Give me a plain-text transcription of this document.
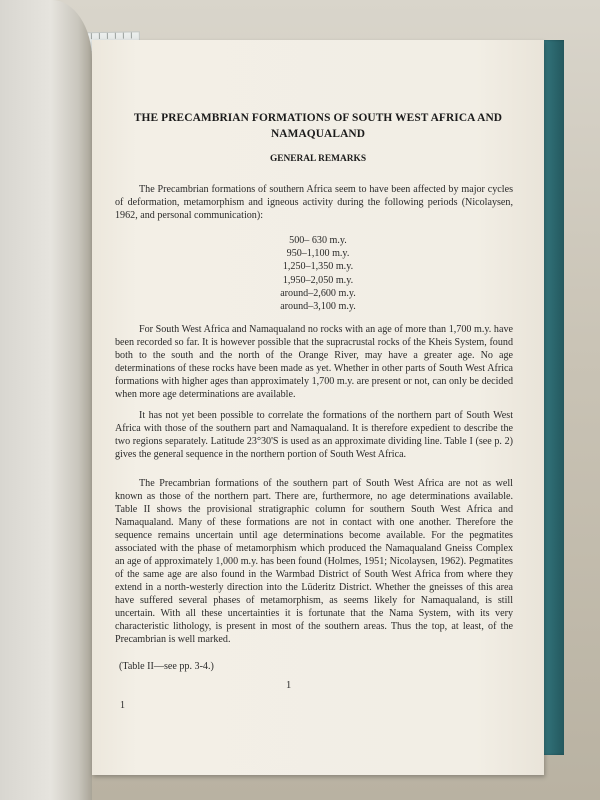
THE PRECAMBRIAN FORMATIONS OF SOUTH WEST AFRICA AND NAMAQUALAND
GENERAL REMARKS

The Precambrian formations of southern Africa seem to have been affected by major cycles of deformation, metamorphism and igneous activity during the following periods (Nicolaysen, 1962, and personal communication):

500– 630 m.y.
950–1,100 m.y.
1,250–1,350 m.y.
1,950–2,050 m.y.
around–2,600 m.y.
around–3,100 m.y.

For South West Africa and Namaqualand no rocks with an age of more than 1,700 m.y. have been recorded so far. It is however possible that the supracrustal rocks of the Kheis System, found both to the south and the north of the Orange River, may have a greater age. No age determinations of these rocks have been made as yet. Whether in other parts of South West Africa formations with higher ages than approximately 1,700 m.y. are present or not, can only be decided when more age determinations are available.

It has not yet been possible to correlate the formations of the northern part of South West Africa with those of the southern part and Namaqualand. It is therefore expedient to describe the two regions separately. Latitude 23°30'S is used as an approximate dividing line. Table I (see p. 2) gives the general sequence in the northern portion of South West Africa.

The Precambrian formations of the southern part of South West Africa are not as well known as those of the northern part. There are, furthermore, no age determinations available. Table II shows the provisional stratigraphic column for southern South West Africa and Namaqualand. Many of these formations are not in contact with one another. Therefore the sequence remains uncertain until age determinations become available. For the pegmatites associated with the phase of metamorphism which produced the Namaqualand Gneiss Complex an age of approximately 1,000 m.y. has been found (Holmes, 1951; Nicolaysen, 1962). Pegmatites of the same age are also found in the Warmbad District of South West Africa from where they extend in a north-westerly direction into the Lüderitz District. Whether the gneisses of this area have suffered several phases of metamorphism, as seems likely for Namaqualand, is still uncertain. With all these uncertainties it is fortunate that the Nama System, with its very characteristic lithology, is present in most of the southern areas. Thus the top, at least, of the Precambrian is well marked.

(Table II—see pp. 3-4.)
1
1
